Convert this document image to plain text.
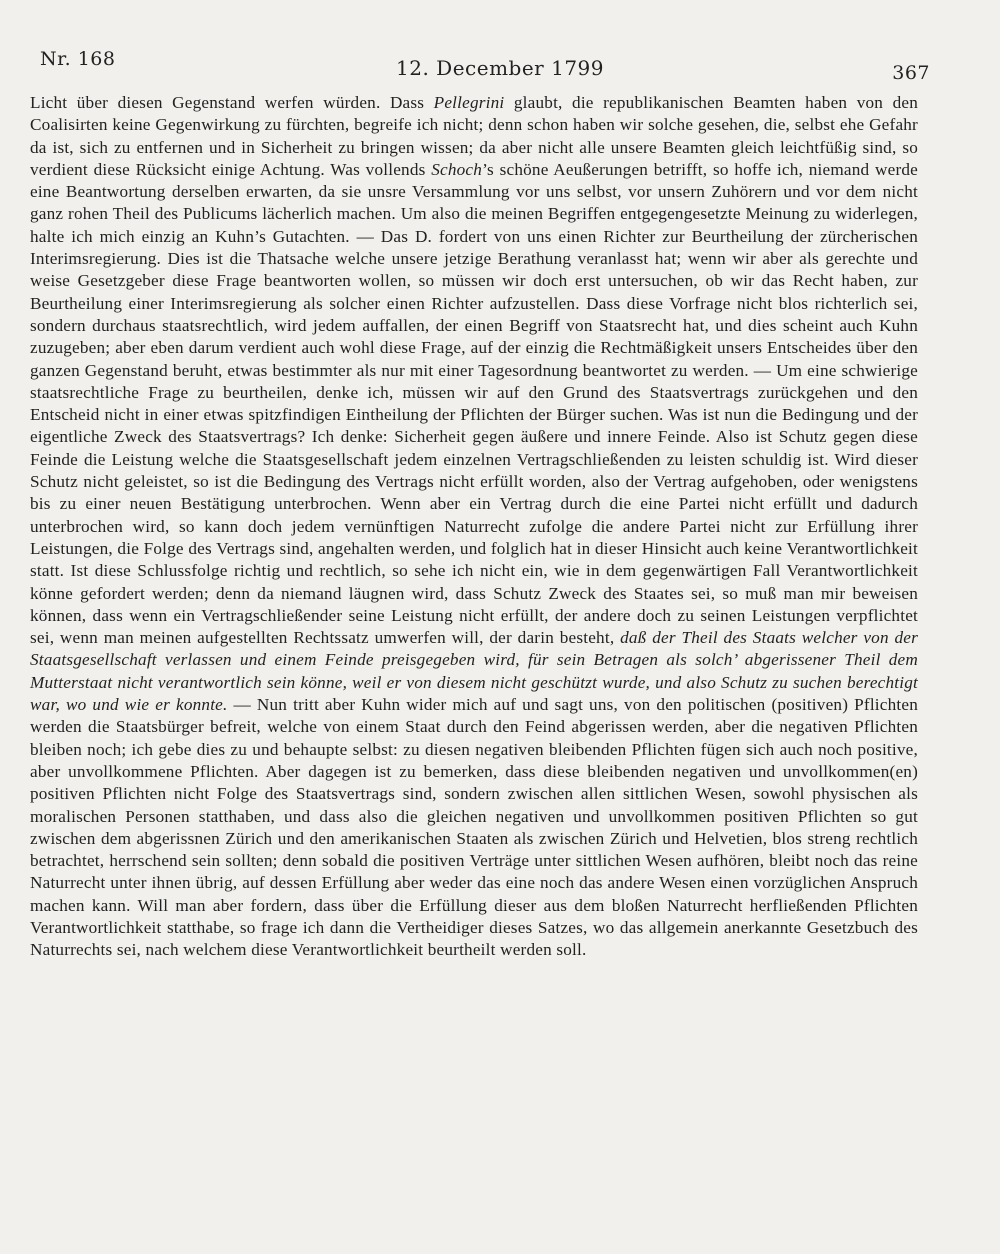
Nr. 168	12. December 1799	367
Licht über diesen Gegenstand werfen würden. Dass Pellegrini glaubt, die republikanischen Beamten haben von den Coalisirten keine Gegenwirkung zu fürchten, begreife ich nicht; denn schon haben wir solche gesehen, die, selbst ehe Gefahr da ist, sich zu entfernen und in Sicherheit zu bringen wissen; da aber nicht alle unsere Beamten gleich leichtfüßig sind, so verdient diese Rücksicht einige Achtung. Was vollends Schoch’s schöne Aeußerungen betrifft, so hoffe ich, niemand werde eine Beantwortung derselben erwarten, da sie unsre Versammlung vor uns selbst, vor unsern Zuhörern und vor dem nicht ganz rohen Theil des Publicums lächerlich machen. Um also die meinen Begriffen entgegengesetzte Meinung zu widerlegen, halte ich mich einzig an Kuhn’s Gutachten. — Das D. fordert von uns einen Richter zur Beurtheilung der zürcherischen Interimsregierung. Dies ist die Thatsache welche unsere jetzige Berathung veranlasst hat; wenn wir aber als gerechte und weise Gesetzgeber diese Frage beantworten wollen, so müssen wir doch erst untersuchen, ob wir das Recht haben, zur Beurtheilung einer Interimsregierung als solcher einen Richter aufzustellen. Dass diese Vorfrage nicht blos richterlich sei, sondern durchaus staatsrechtlich, wird jedem auffallen, der einen Begriff von Staatsrecht hat, und dies scheint auch Kuhn zuzugeben; aber eben darum verdient auch wohl diese Frage, auf der einzig die Rechtmäßigkeit unsers Entscheides über den ganzen Gegenstand beruht, etwas bestimmter als nur mit einer Tagesordnung beantwortet zu werden. — Um eine schwierige staatsrechtliche Frage zu beurtheilen, denke ich, müssen wir auf den Grund des Staatsvertrags zurückgehen und den Entscheid nicht in einer etwas spitzfindigen Eintheilung der Pflichten der Bürger suchen. Was ist nun die Bedingung und der eigentliche Zweck des Staatsvertrags? Ich denke: Sicherheit gegen äußere und innere Feinde. Also ist Schutz gegen diese Feinde die Leistung welche die Staatsgesellschaft jedem einzelnen Vertragschließenden zu leisten schuldig ist. Wird dieser Schutz nicht geleistet, so ist die Bedingung des Vertrags nicht erfüllt worden, also der Vertrag aufgehoben, oder wenigstens bis zu einer neuen Bestätigung unterbrochen. Wenn aber ein Vertrag durch die eine Partei nicht erfüllt und dadurch unterbrochen wird, so kann doch jedem vernünftigen Naturrecht zufolge die andere Partei nicht zur Erfüllung ihrer Leistungen, die Folge des Vertrags sind, angehalten werden, und folglich hat in dieser Hinsicht auch keine Verantwortlichkeit statt. Ist diese Schlussfolge richtig und rechtlich, so sehe ich nicht ein, wie in dem gegenwärtigen Fall Verantwortlichkeit könne gefordert werden; denn da niemand läugnen wird, dass Schutz Zweck des Staates sei, so muß man mir beweisen können, dass wenn ein Vertragschließender seine Leistung nicht erfüllt, der andere doch zu seinen Leistungen verpflichtet sei, wenn man meinen aufgestellten Rechtssatz umwerfen will, der darin besteht, daß der Theil des Staats welcher von der Staatsgesellschaft verlassen und einem Feinde preisgegeben wird, für sein Betragen als solch’ abgerissener Theil dem Mutterstaat nicht verantwortlich sein könne, weil er von diesem nicht geschützt wurde, und also Schutz zu suchen berechtigt war, wo und wie er konnte. — Nun tritt aber Kuhn wider mich auf und sagt uns, von den politischen (positiven) Pflichten werden die Staatsbürger befreit, welche von einem Staat durch den Feind abgerissen werden, aber die negativen Pflichten bleiben noch; ich gebe dies zu und behaupte selbst: zu diesen negativen bleibenden Pflichten fügen sich auch noch positive, aber unvollkommene Pflichten. Aber dagegen ist zu bemerken, dass diese bleibenden negativen und unvollkommen(en) positiven Pflichten nicht Folge des Staatsvertrags sind, sondern zwischen allen sittlichen Wesen, sowohl physischen als moralischen Personen statthaben, und dass also die gleichen negativen und unvollkommen positiven Pflichten so gut zwischen dem abgerissnen Zürich und den amerikanischen Staaten als zwischen Zürich und Helvetien, blos streng rechtlich betrachtet, herrschend sein sollten; denn sobald die positiven Verträge unter sittlichen Wesen aufhören, bleibt noch das reine Naturrecht unter ihnen übrig, auf dessen Erfüllung aber weder das eine noch das andere Wesen einen vorzüglichen Anspruch machen kann. Will man aber fordern, dass über die Erfüllung dieser aus dem bloßen Naturrecht herfließenden Pflichten Verantwortlichkeit statthabe, so frage ich dann die Vertheidiger dieses Satzes, wo das allgemein anerkannte Gesetzbuch des Naturrechts sei, nach welchem diese Verantwortlichkeit beurtheilt werden soll.
